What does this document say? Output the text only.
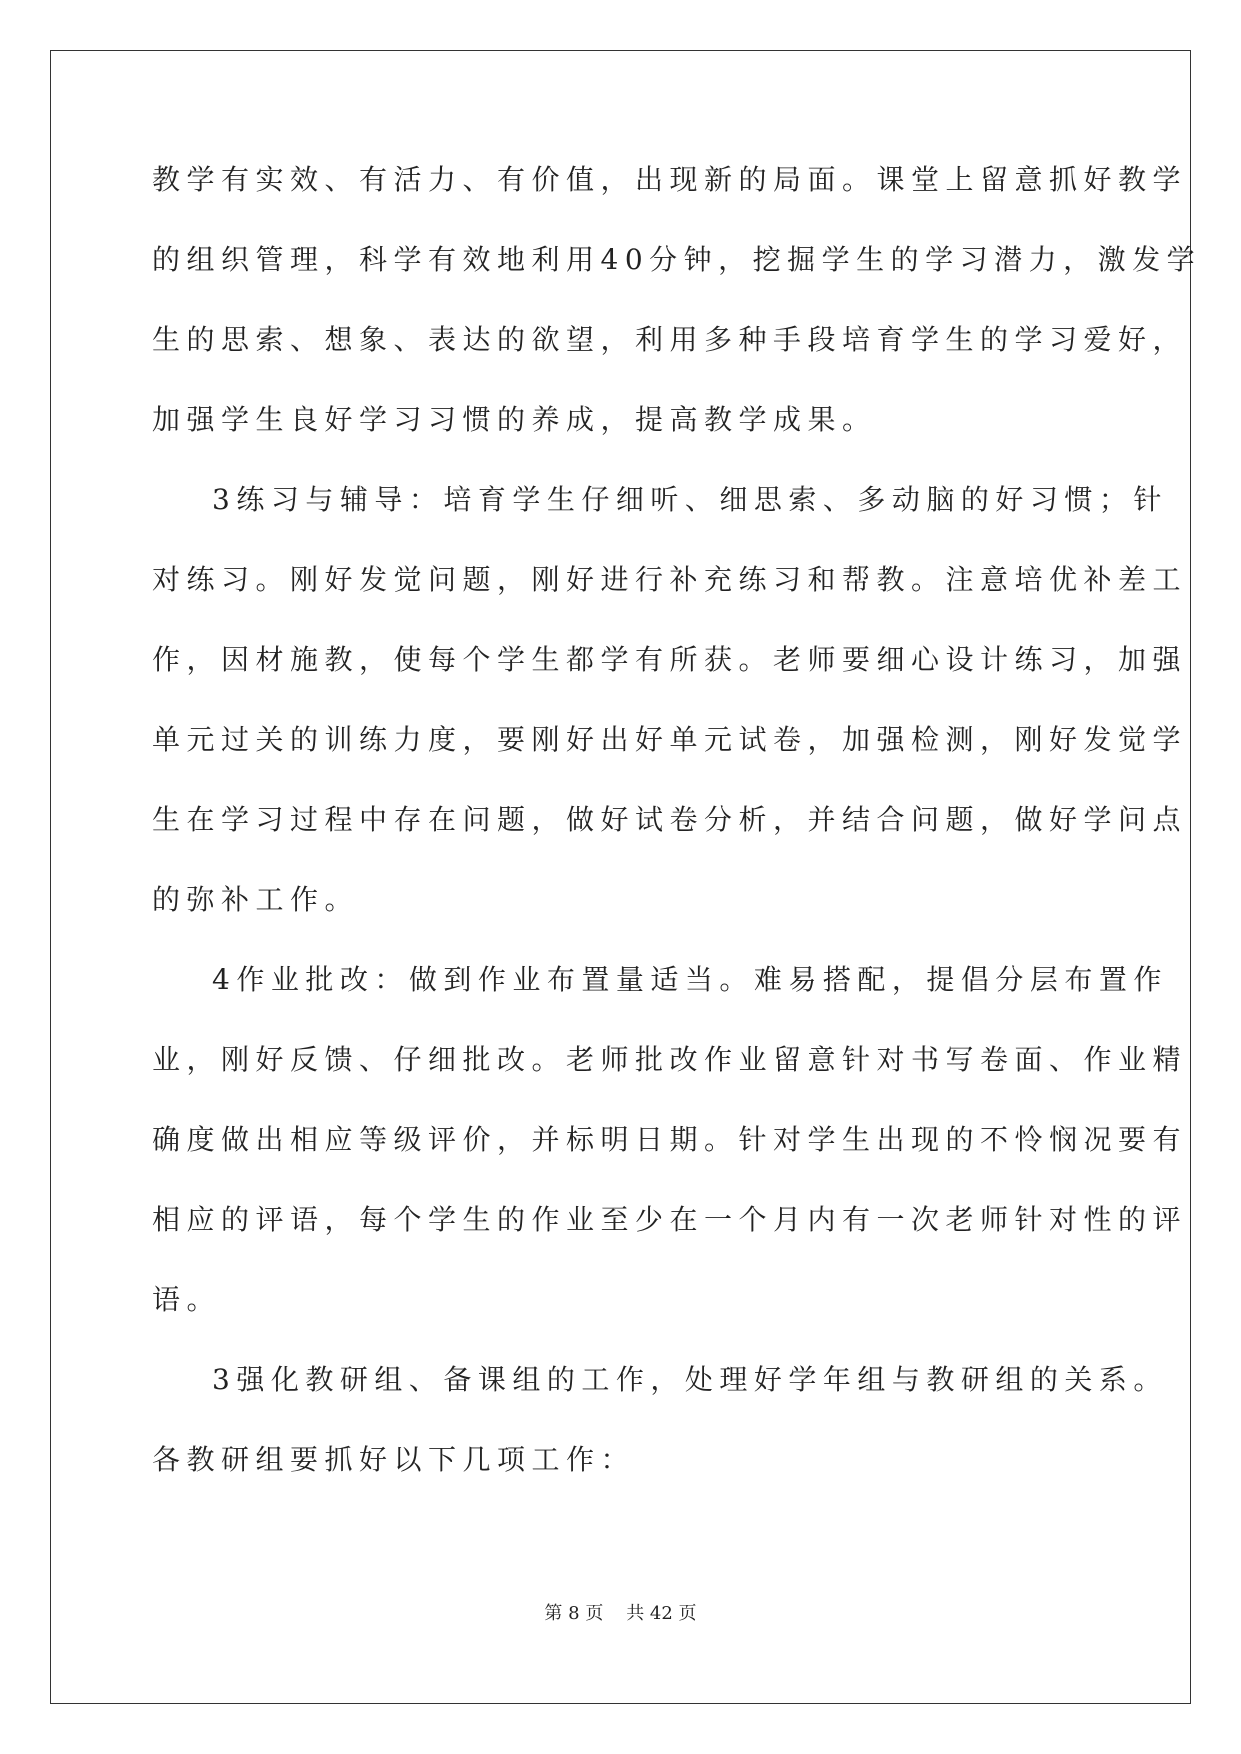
教学有实效、有活力、有价值，出现新的局面。课堂上留意抓好教学
的组织管理，科学有效地利用40分钟，挖掘学生的学习潜力，激发学
生的思索、想象、表达的欲望，利用多种手段培育学生的学习爱好，
加强学生良好学习习惯的养成，提高教学成果。
3练习与辅导：培育学生仔细听、细思索、多动脑的好习惯；针
对练习。刚好发觉问题，刚好进行补充练习和帮教。注意培优补差工
作，因材施教，使每个学生都学有所获。老师要细心设计练习，加强
单元过关的训练力度，要刚好出好单元试卷，加强检测，刚好发觉学
生在学习过程中存在问题，做好试卷分析，并结合问题，做好学问点
的弥补工作。
4作业批改：做到作业布置量适当。难易搭配，提倡分层布置作
业，刚好反馈、仔细批改。老师批改作业留意针对书写卷面、作业精
确度做出相应等级评价，并标明日期。针对学生出现的不怜悯况要有
相应的评语，每个学生的作业至少在一个月内有一次老师针对性的评
语。
3强化教研组、备课组的工作，处理好学年组与教研组的关系。
各教研组要抓好以下几项工作：
第 8 页    共 42 页
